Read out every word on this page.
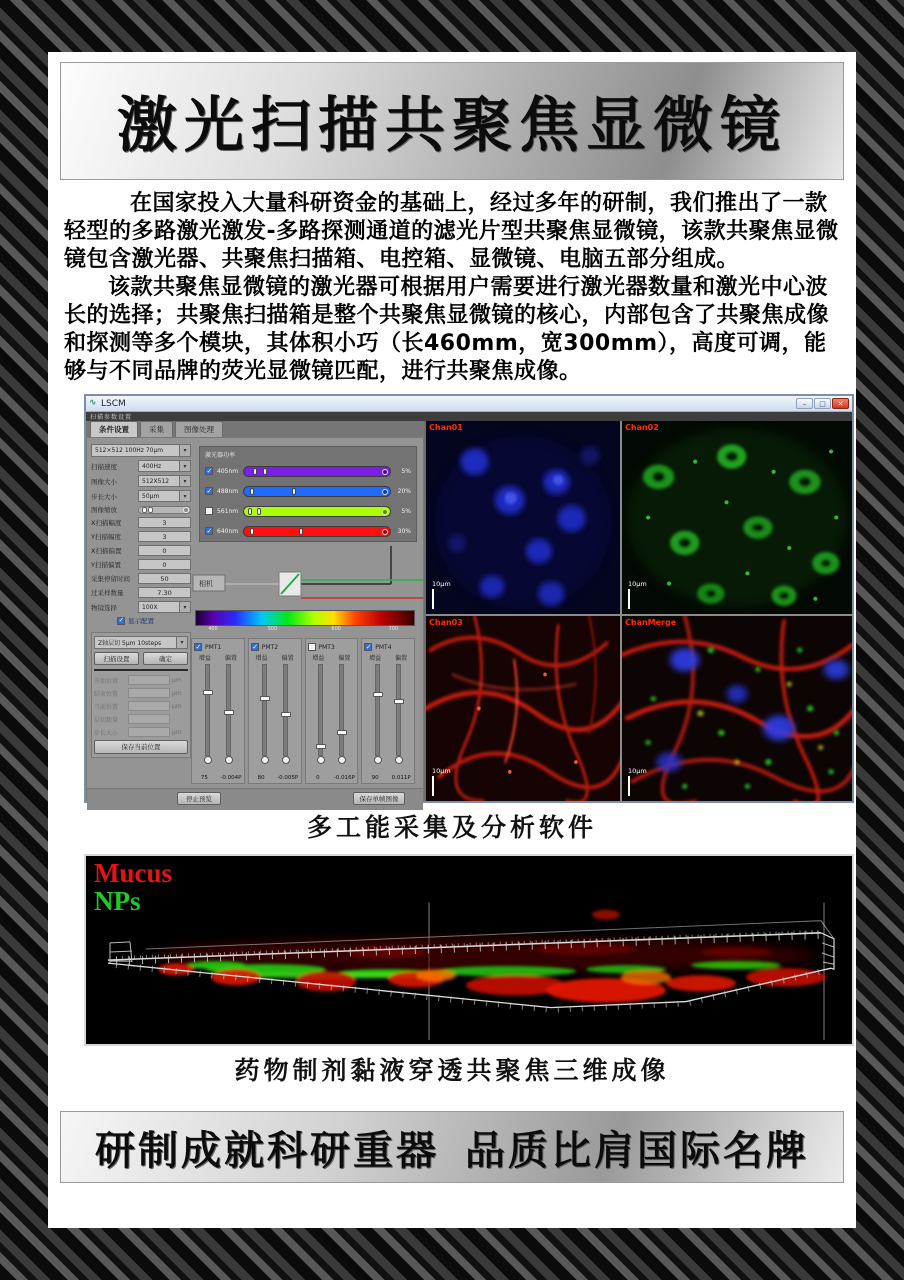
激光扫描共聚焦显微镜

在国家投入大量科研资金的基础上，经过多年的研制，我们推出了一款轻型的多路激光激发-多路探测通道的滤光片型共聚焦显微镜，该款共聚焦显微镜包含激光器、共聚焦扫描箱、电控箱、显微镜、电脑五部分组成。

该款共聚焦显微镜的激光器可根据用户需要进行激光器数量和激光中心波长的选择；共聚焦扫描箱是整个共聚焦显微镜的核心，内部包含了共聚焦成像和探测等多个模块，其体积小巧（长460mm，宽300mm），高度可调，能够与不同品牌的荧光显微镜匹配，进行共聚焦成像。

∿ LSCM	–	□	✕
扫描参数设置
条件设置	采集	图像处理
512×512 100Hz 70μm	▾
扫描速度	400Hz	▾
图像大小	512X512	▾
步长大小	50μm	▾
图像缩放
X扫描幅度	3
Y扫描幅度	3
X扫描偏置	0
Y扫描偏置	0
采集停留时间	50
过采样数量	7.30
物镜选择	100X	▾
✓
显示配置
Z轴层切 5μm 10steps	▾
扫描设置	确定
开始位置	μm
结束位置	μm
当前位置	μm
层切数量
步长大小	μm
保存当前位置
激光器功率
✓
405nm	5%
✓
488nm	20%
561nm	5%
✓
640nm	30%
相机
400	500	600	700
✓
PMT1
增益 偏置
75	-0.004P
✓
PMT2
增益 偏置
80	-0.005P
PMT3
增益 偏置
0	-0.016P
✓
PMT4
增益 偏置
90	0.011P
停止预览	保存单帧图像
Chan01
10μm
Chan02
10μm
Chan03
10μm
ChanMerge
10μm
多工能采集及分析软件
Mucus
NPs
药物制剂黏液穿透共聚焦三维成像
研制成就科研重器 品质比肩国际名牌
